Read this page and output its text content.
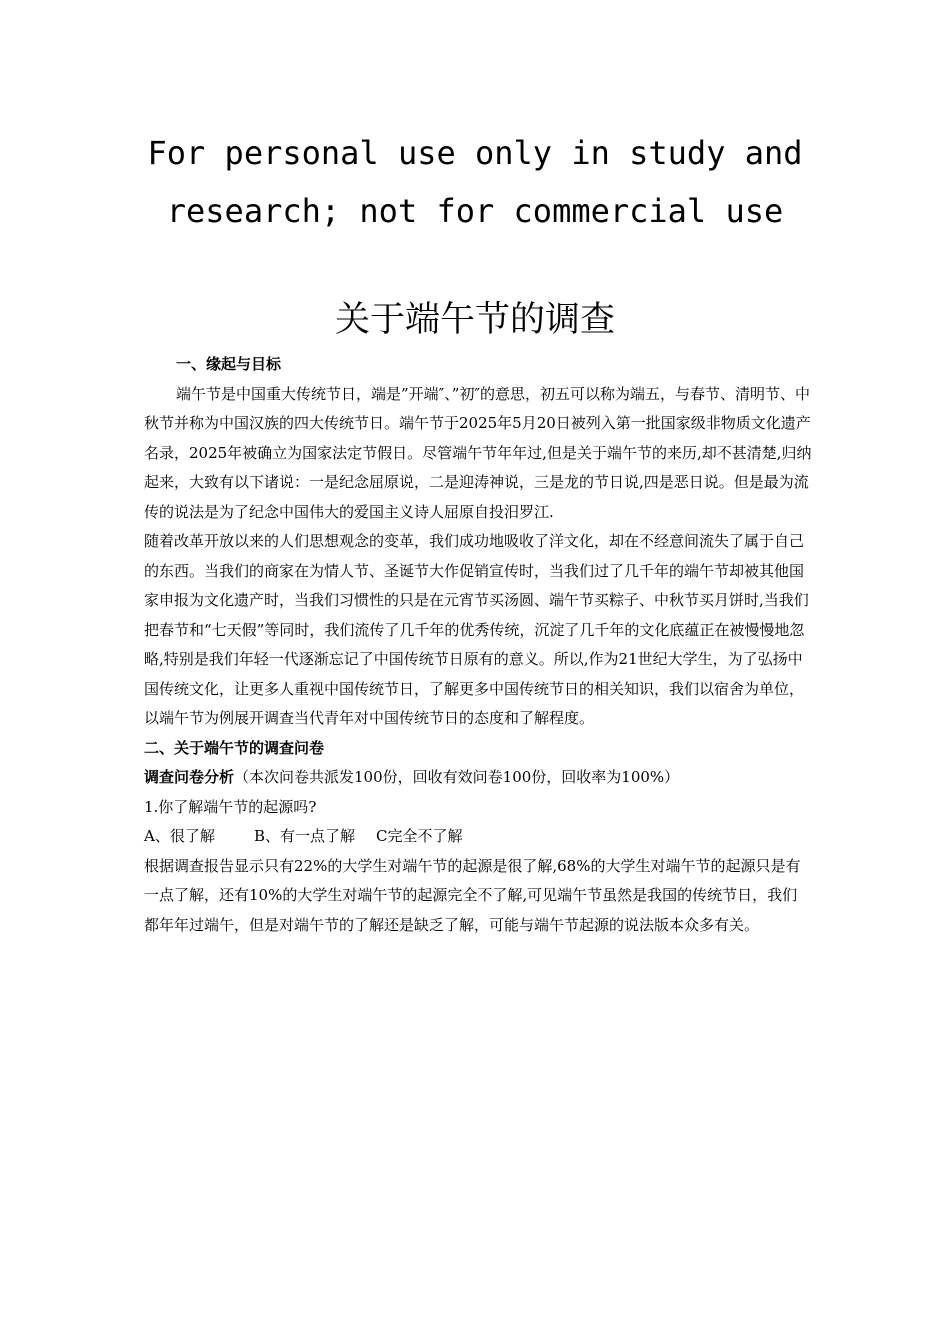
For personal use only in study and
research; not for commercial use
关于端午节的调查

一、缘起与目标

端午节是中国重大传统节日，端是”开端″、”初″的意思，初五可以称为端五，与春节、清明节、中秋节并称为中国汉族的四大传统节日。端午节于2025年5月20日被列入第一批国家级非物质文化遗产名录，2025年被确立为国家法定节假日。尽管端午节年年过,但是关于端午节的来历,却不甚清楚,归纳起来，大致有以下诸说：一是纪念屈原说，二是迎涛神说，三是龙的节日说,四是恶日说。但是最为流传的说法是为了纪念中国伟大的爱国主义诗人屈原自投汨罗江.

随着改革开放以来的人们思想观念的变革，我们成功地吸收了洋文化，却在不经意间流失了属于自己的东西。当我们的商家在为情人节、圣诞节大作促销宣传时，当我们过了几千年的端午节却被其他国家申报为文化遗产时，当我们习惯性的只是在元宵节买汤圆、端午节买粽子、中秋节买月饼时,当我们把春节和“七天假”等同时，我们流传了几千年的优秀传统，沉淀了几千年的文化底蕴正在被慢慢地忽略,特别是我们年轻一代逐渐忘记了中国传统节日原有的意义。所以,作为21世纪大学生，为了弘扬中国传统文化，让更多人重视中国传统节日，了解更多中国传统节日的相关知识，我们以宿舍为单位，以端午节为例展开调查当代青年对中国传统节日的态度和了解程度。

二、关于端午节的调查问卷

调查问卷分析（本次问卷共派发100份，回收有效问卷100份，回收率为100%）

1.你了解端午节的起源吗?

A、很了解	B、有一点了解 C完全不了解

根据调查报告显示只有22%的大学生对端午节的起源是很了解,68%的大学生对端午节的起源只是有一点了解，还有10%的大学生对端午节的起源完全不了解,可见端午节虽然是我国的传统节日，我们都年年过端午，但是对端午节的了解还是缺乏了解，可能与端午节起源的说法版本众多有关。
